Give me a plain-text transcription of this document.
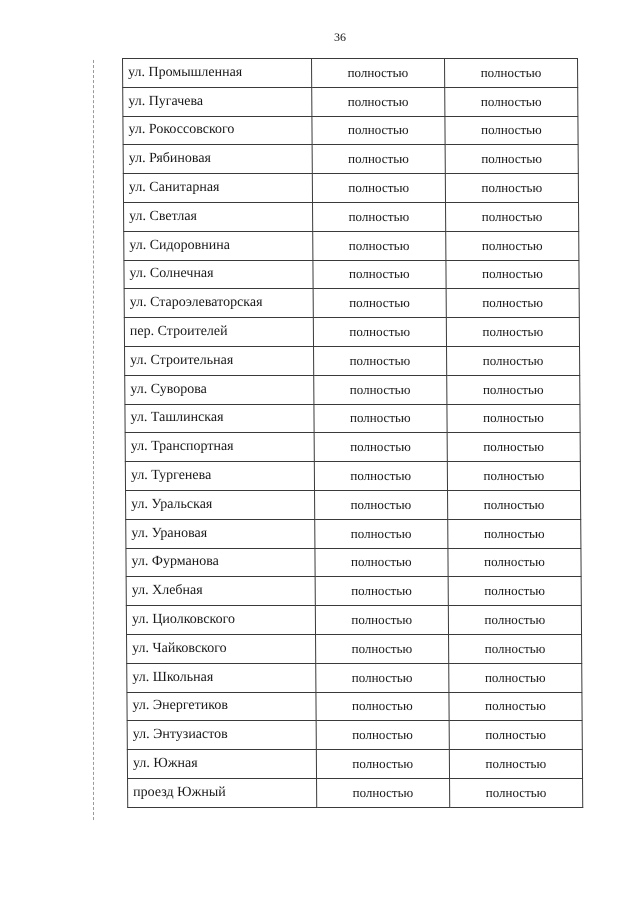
36
ул. Промышленная	полностью	полностью
ул. Пугачева	полностью	полностью
ул. Рокоссовского	полностью	полностью
ул. Рябиновая	полностью	полностью
ул. Санитарная	полностью	полностью
ул. Светлая	полностью	полностью
ул. Сидоровнина	полностью	полностью
ул. Солнечная	полностью	полностью
ул. Староэлеваторская	полностью	полностью
пер. Строителей	полностью	полностью
ул. Строительная	полностью	полностью
ул. Суворова	полностью	полностью
ул. Ташлинская	полностью	полностью
ул. Транспортная	полностью	полностью
ул. Тургенева	полностью	полностью
ул. Уральская	полностью	полностью
ул. Урановая	полностью	полностью
ул. Фурманова	полностью	полностью
ул. Хлебная	полностью	полностью
ул. Циолковского	полностью	полностью
ул. Чайковского	полностью	полностью
ул. Школьная	полностью	полностью
ул. Энергетиков	полностью	полностью
ул. Энтузиастов	полностью	полностью
ул. Южная	полностью	полностью
проезд Южный	полностью	полностью
